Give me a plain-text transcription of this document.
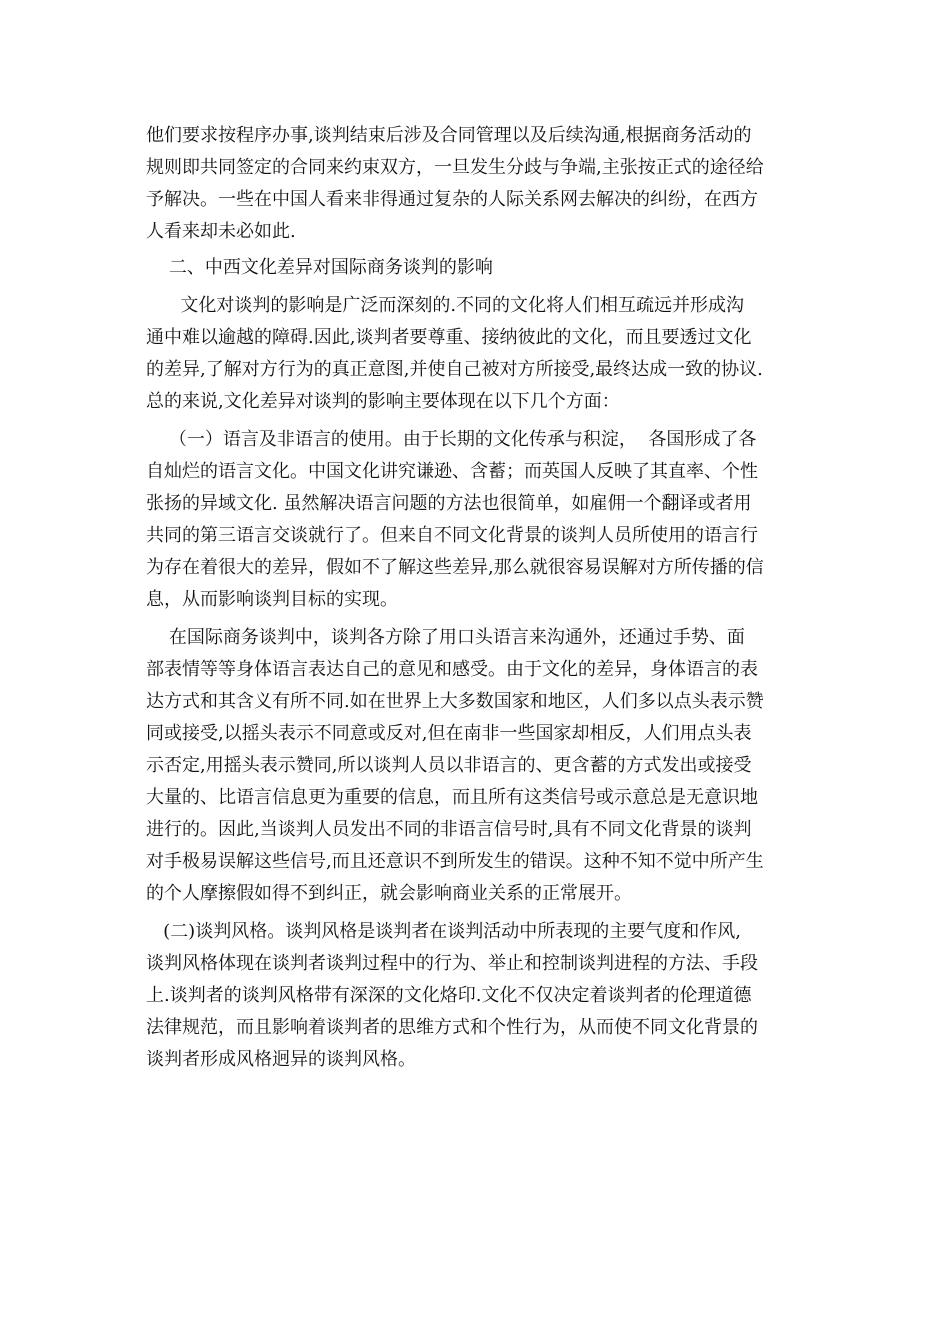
他们要求按程序办事,谈判结束后涉及合同管理以及后续沟通,根据商务活动的
规则即共同签定的合同来约束双方，一旦发生分歧与争端,主张按正式的途径给
予解决。一些在中国人看来非得通过复杂的人际关系网去解决的纠纷，在西方
人看来却未必如此.
二、中西文化差异对国际商务谈判的影响
文化对谈判的影响是广泛而深刻的.不同的文化将人们相互疏远并形成沟
通中难以逾越的障碍.因此,谈判者要尊重、接纳彼此的文化，而且要透过文化
的差异,了解对方行为的真正意图,并使自己被对方所接受,最终达成一致的协议.
总的来说,文化差异对谈判的影响主要体现在以下几个方面：
（一）语言及非语言的使用。由于长期的文化传承与积淀，  各国形成了各
自灿烂的语言文化。中国文化讲究谦逊、含蓄；而英国人反映了其直率、个性
张扬的异域文化. 虽然解决语言问题的方法也很简单，如雇佣一个翻译或者用
共同的第三语言交谈就行了。但来自不同文化背景的谈判人员所使用的语言行
为存在着很大的差异，假如不了解这些差异,那么就很容易误解对方所传播的信
息，从而影响谈判目标的实现。
在国际商务谈判中，谈判各方除了用口头语言来沟通外，还通过手势、面
部表情等等身体语言表达自己的意见和感受。由于文化的差异，身体语言的表
达方式和其含义有所不同.如在世界上大多数国家和地区，人们多以点头表示赞
同或接受,以摇头表示不同意或反对,但在南非一些国家却相反，人们用点头表
示否定,用摇头表示赞同,所以谈判人员以非语言的、更含蓄的方式发出或接受
大量的、比语言信息更为重要的信息，而且所有这类信号或示意总是无意识地
进行的。因此,当谈判人员发出不同的非语言信号时,具有不同文化背景的谈判
对手极易误解这些信号,而且还意识不到所发生的错误。这种不知不觉中所产生
的个人摩擦假如得不到纠正，就会影响商业关系的正常展开。
(二)谈判风格。谈判风格是谈判者在谈判活动中所表现的主要气度和作风,
谈判风格体现在谈判者谈判过程中的行为、举止和控制谈判进程的方法、手段
上.谈判者的谈判风格带有深深的文化烙印.文化不仅决定着谈判者的伦理道德
法律规范，而且影响着谈判者的思维方式和个性行为，从而使不同文化背景的
谈判者形成风格迥异的谈判风格。
